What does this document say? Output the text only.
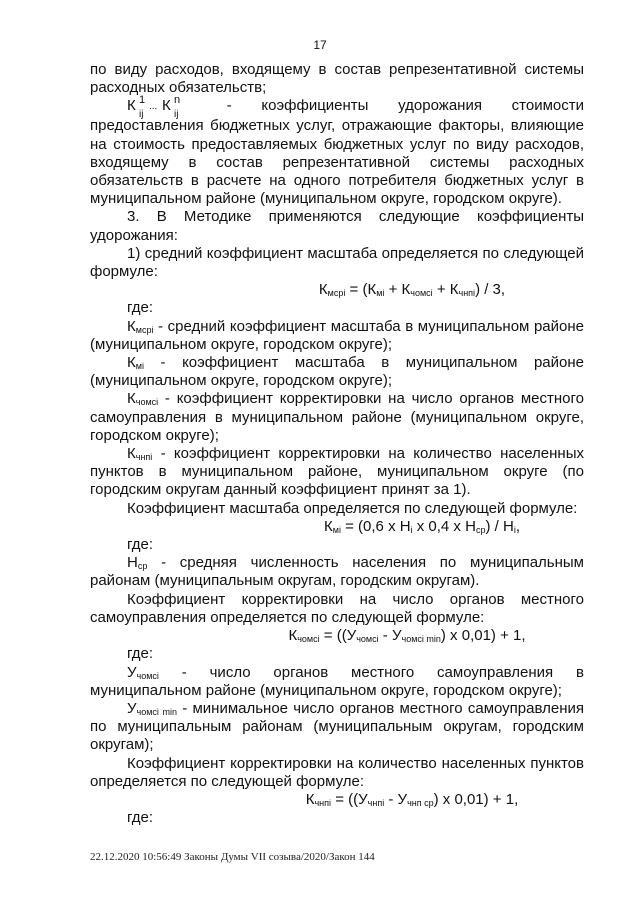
17

по виду расходов, входящему в состав репрезентативной системы

расходных обязательств;

К 1
ij
... К n
ij
- коэффициенты удорожания стоимости

предоставления бюджетных услуг, отражающие факторы, влияющие на стоимость предоставляемых бюджетных услуг по виду расходов, входящему в состав репрезентативной системы расходных обязательств в расчете на одного потребителя бюджетных услуг в муниципальном районе (муниципальном округе, городском округе).

3. В Методике применяются следующие коэффициенты удорожания:

1) средний коэффициент масштаба определяется по следующей формуле:

$К_{мсрi} = (К_{мi} + К_{чомсi} + К_{чнпi}) / 3$,

где:

$К_{мсрi}$ - средний коэффициент масштаба в муниципальном районе (муниципальном округе, городском округе);

$К_{мi}$ - коэффициент масштаба в муниципальном районе (муниципальном округе, городском округе);

$К_{чомсi}$ - коэффициент корректировки на число органов местного самоуправления в муниципальном районе (муниципальном округе, городском округе);

$К_{чнпi}$ - коэффициент корректировки на количество населенных пунктов в муниципальном районе, муниципальном округе (по городским округам данный коэффициент принят за 1).

Коэффициент масштаба определяется по следующей формуле:

$К_{мi} = (0,6$ x $Н_i$ x 0,4 x $Н_{ср}) / Н_i$,

где:

$Н_{ср}$ - средняя численность населения по муниципальным районам (муниципальным округам, городским округам).

Коэффициент корректировки на число органов местного самоуправления определяется по следующей формуле:

$К_{чомсi} = ((У_{чомсi} - У_{чомсi min})$ x 0,01) + 1,

где:

$У_{чомсi}$ - число органов местного самоуправления в муниципальном районе (муниципальном округе, городском округе);

$У_{чомсi min}$ - минимальное число органов местного самоуправления по муниципальным районам (муниципальным округам, городским округам);

Коэффициент корректировки на количество населенных пунктов определяется по следующей формуле:

$К_{чнпi} = ((У_{чнпi} - У_{чнп ср})$ x 0,01) + 1,

где:

22.12.2020 10:56:49 Законы Думы VII созыва/2020/Закон 144
